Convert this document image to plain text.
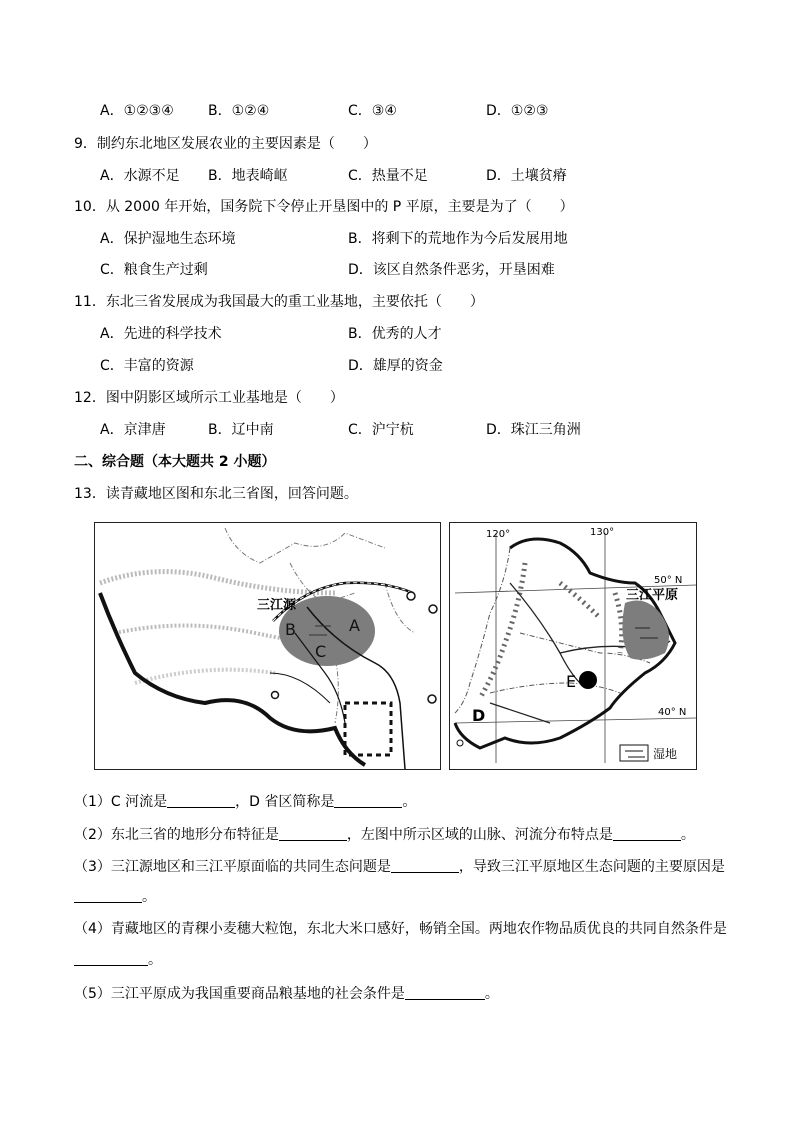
A．①②③④ B．①②④	C．③④	D．①②③
9．制约东北地区发展农业的主要因素是（　　）
A．水源不足 B．地表崎岖	C．热量不足	D．土壤贫瘠
10．从 2000 年开始，国务院下令停止开垦图中的 P 平原，主要是为了（　　）
A．保护湿地生态环境	B．将剩下的荒地作为今后发展用地
C．粮食生产过剩	D．该区自然条件恶劣，开垦困难
11．东北三省发展成为我国最大的重工业基地，主要依托（　　）
A．先进的科学技术	B．优秀的人才
C．丰富的资源	D．雄厚的资金
12．图中阴影区域所示工业基地是（　　）
A．京津唐	B．辽中南	C．沪宁杭	D．珠江三角洲
二、综合题（本大题共 2 小题）
13．读青藏地区图和东北三省图，回答问题。
三江源
A
B
C
120°	130°
50° N
40° N
三江平原
E
D
湿地
（1）C 河流是	，D 省区简称是	。
（2）东北三省的地形分布特征是	，左图中所示区域的山脉、河流分布特点是	。
（3）三江源地区和三江平原面临的共同生态问题是	，导致三江平原地区生态问题的主要原因是
。
（4）青藏地区的青稞小麦穗大粒饱，东北大米口感好，畅销全国。两地农作物品质优良的共同自然条件是
。
（5）三江平原成为我国重要商品粮基地的社会条件是	。
